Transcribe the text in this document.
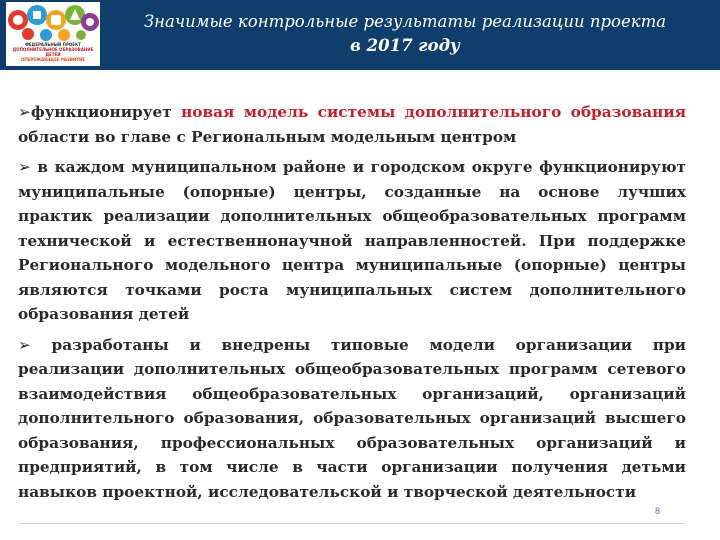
ФЕДЕРАЛЬНЫЙ ПРОЕКТ
ДОПОЛНИТЕЛЬНОЕ ОБРАЗОВАНИЕ
ДЕТЕЙ
ОПЕРЕЖАЮЩЕЕ РАЗВИТИЕ
Значимые контрольные результаты реализации проекта
в 2017 году

➢функционирует новая модель системы дополнительного образования области во главе с Региональным модельным центром

➢ в каждом муниципальном районе и городском округе функционируют муниципальные (опорные) центры, созданные на основе лучших практик реализации дополнительных общеобразовательных программ технической и естественнонаучной направленностей. При поддержке Регионального модельного центра муниципальные (опорные) центры являются точками роста муниципальных систем дополнительного образования детей

➢ разработаны и внедрены типовые модели организации при реализации дополнительных общеобразовательных программ сетевого взаимодействия общеобразовательных организаций, организаций дополнительного образования, образовательных организаций высшего образования, профессиональных образовательных организаций и предприятий, в том числе в части организации получения детьми навыков проектной, исследовательской и творческой деятельности

8
